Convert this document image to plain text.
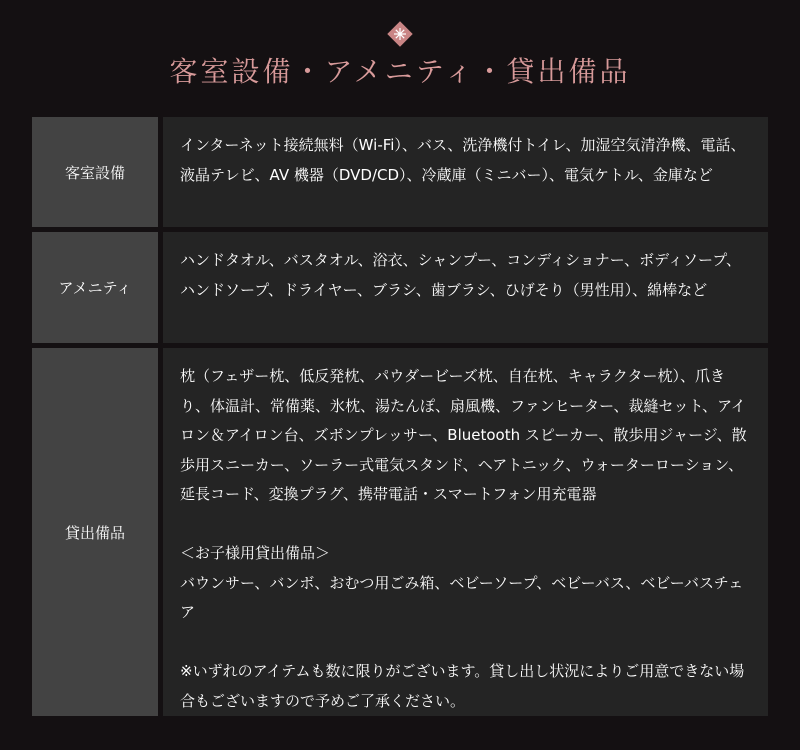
客室設備・アメニティ・貸出備品
客室設備

インターネット接続無料（Wi-Fi）、バス、洗浄機付トイレ、加湿空気清浄機、電話、液晶テレビ、AV 機器（DVD/CD）、冷蔵庫（ミニバー）、電気ケトル、金庫など

アメニティ

ハンドタオル、バスタオル、浴衣、シャンプー、コンディショナー、ボディソープ、ハンドソープ、ドライヤー、ブラシ、歯ブラシ、ひげそり（男性用）、綿棒など

貸出備品

枕（フェザー枕、低反発枕、パウダービーズ枕、自在枕、キャラクター枕）、爪きり、体温計、常備薬、氷枕、湯たんぽ、扇風機、ファンヒーター、裁縫セット、アイロン＆アイロン台、ズボンプレッサー、Bluetooth スピーカー、散歩用ジャージ、散歩用スニーカー、ソーラー式電気スタンド、ヘアトニック、ウォーターローション、延長コード、変換プラグ、携帯電話・スマートフォン用充電器

＜お子様用貸出備品＞

バウンサー、バンボ、おむつ用ごみ箱、ベビーソープ、ベビーバス、ベビーバスチェア

※いずれのアイテムも数に限りがございます。貸し出し状況によりご用意できない場合もございますので予めご了承ください。
